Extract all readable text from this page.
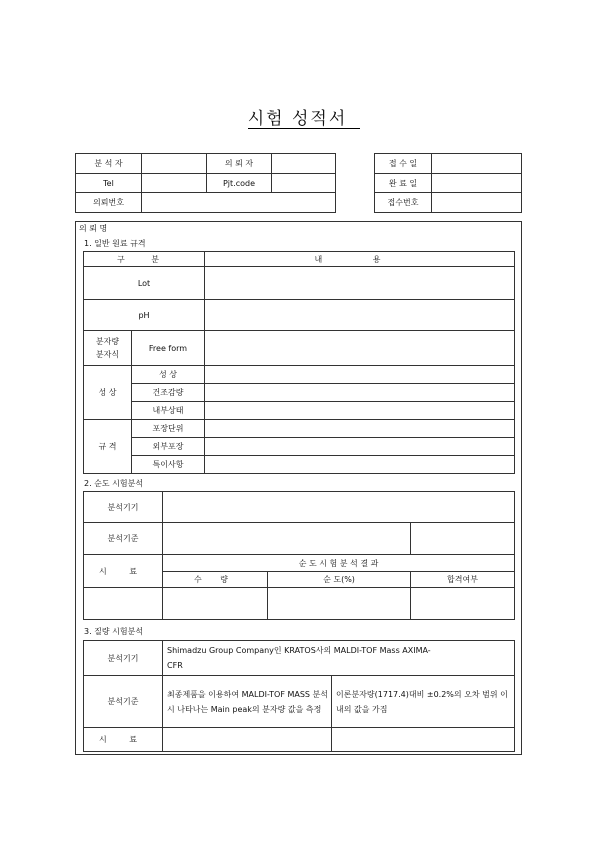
시험 성적서
분 석 자		의 뢰 자	
Tel		Pjt.code	
의뢰번호			
접 수 일	
완 료 일	
접수번호	
의 뢰 명
1. 일반 원료 규격
구 분		내 용
Lot		
pH		
분자량
분자식	Free form	
성 상	성 상	
	건조감량	
	내부상태	
규 격	포장단위	
	외부포장	
	특이사항	
2. 순도 시험분석
분석기기			
분석기준			
시 료	순 도 시 험 분 석 결 과		
	수 량	순 도(%)	합격여부

3. 질량 시험분석
분석기기	Shimadzu Group Company인 KRATOS사의 MALDI-TOF Mass AXIMA-CFR	
분석기준	최종제품을 이용하여 MALDI-TOF MASS 분석시 나타나는 Main peak의 분자량 값을 측정	이론분자량(1717.4)대비 ±0.2%의 오차 범위 이내의 값을 가짐
시 료		
